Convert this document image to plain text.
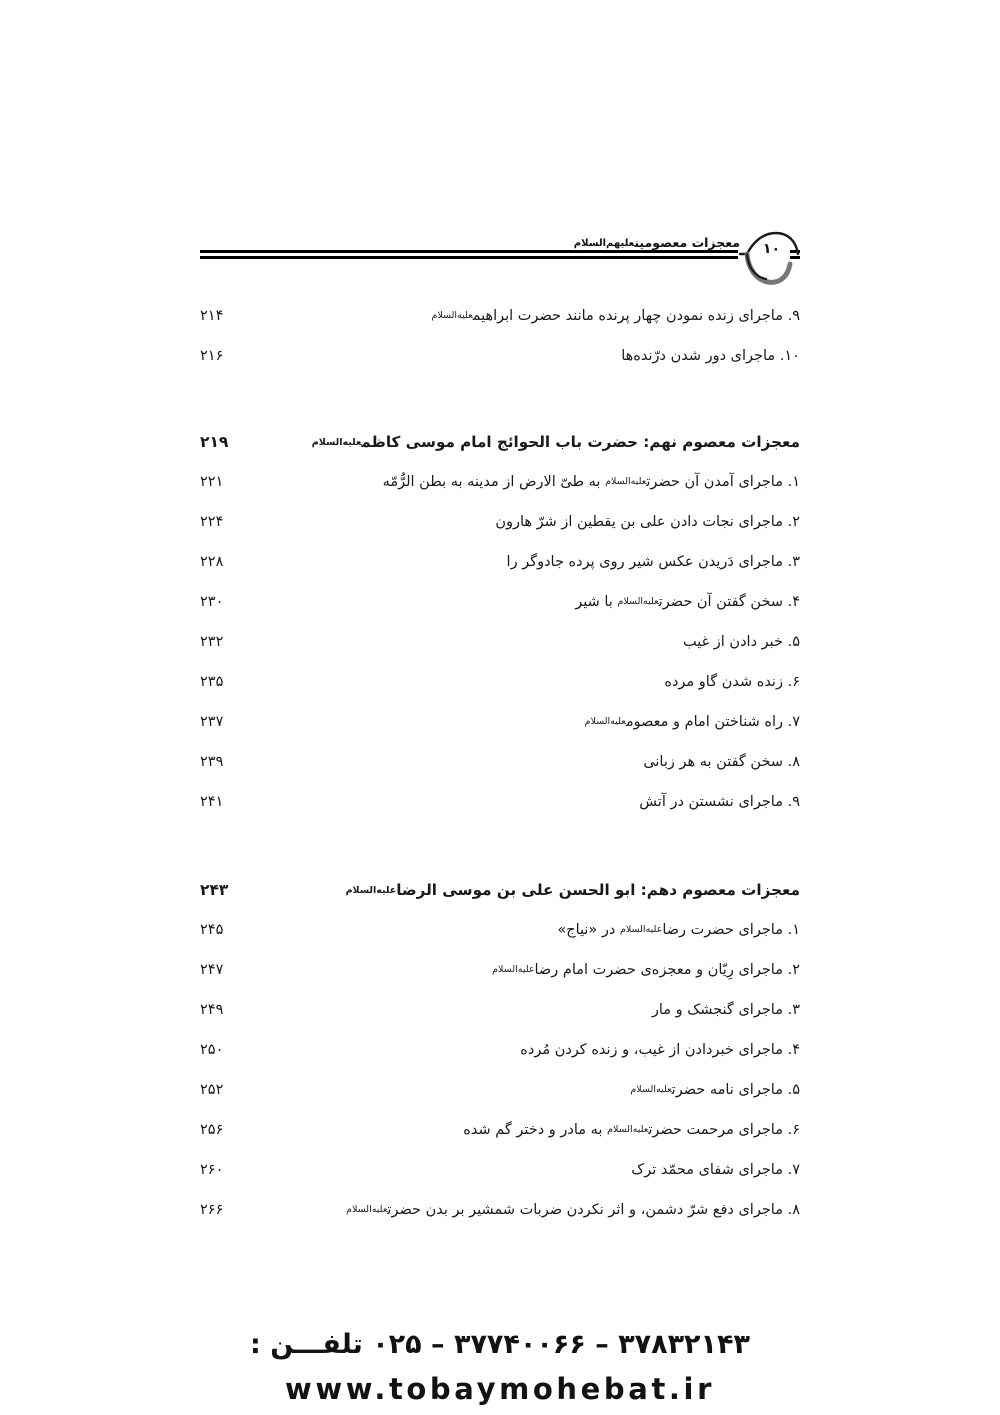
معجزات معصومینعلیهم‌السلام	۱۰
۹. ماجرای زنده نمودن چهار پرنده مانند حضرت ابراهیمعلیه‌السلام
.....
۲۱۴
۱۰. ماجرای دور شدن درّنده‌ها
.....
۲۱۶
معجزات معصوم نهم: حضرت باب الحوائج امام موسی کاظمعلیه‌السلام
.....
۲۱۹
۱. ماجرای آمدن آن حضرتعلیه‌السلام به طیّ الارض از مدینه به بطن الرُّمّه
.....
۲۲۱
۲. ماجرای نجات دادن علی بن یقطین از شرّ هارون
.....
۲۲۴
۳. ماجرای دَریدن عکس شیر روی پرده جادوگر را
.....
۲۲۸
۴. سخن گفتن آن حضرتعلیه‌السلام با شیر
.....
۲۳۰
۵. خبر دادن از غیب
.....
۲۳۲
۶. زنده شدن گاو مرده
.....
۲۳۵
۷. راه شناختن امام و معصومعلیه‌السلام
.....
۲۳۷
۸. سخن گفتن به هر زبانی
.....
۲۳۹
۹. ماجرای نشستن در آتش
.....
۲۴۱
معجزات معصوم دهم: ابو الحسن علی بن موسی الرضاعلیه‌السلام
.....
۲۴۳
۱. ماجرای حضرت رضاعلیه‌السلام در «نیاج»
.....
۲۴۵
۲. ماجرای رِیّان و معجزه‌ی حضرت امام رضاعلیه‌السلام
.....
۲۴۷
۳. ماجرای گنجشک و مار
.....
۲۴۹
۴. ماجرای خبردادن از غیب، و زنده کردن مُرده
.....
۲۵۰
۵. ماجرای نامه حضرتعلیه‌السلام
.....
۲۵۲
۶. ماجرای مرحمت حضرتعلیه‌السلام به مادر و دختر گم شده
.....
۲۵۶
۷. ماجرای شفای محمّد ترک
.....
۲۶۰
۸. ماجرای دفع شرّ دشمن، و اثر نکردن ضربات شمشیر بر بدن حضرتعلیه‌السلام
.....
۲۶۶
۳۷۸۳۲۱۴۳ – ۳۷۷۴۰۰۶۶ – ۰۲۵ تلفـــن :
www.tobaymohebat.ir
